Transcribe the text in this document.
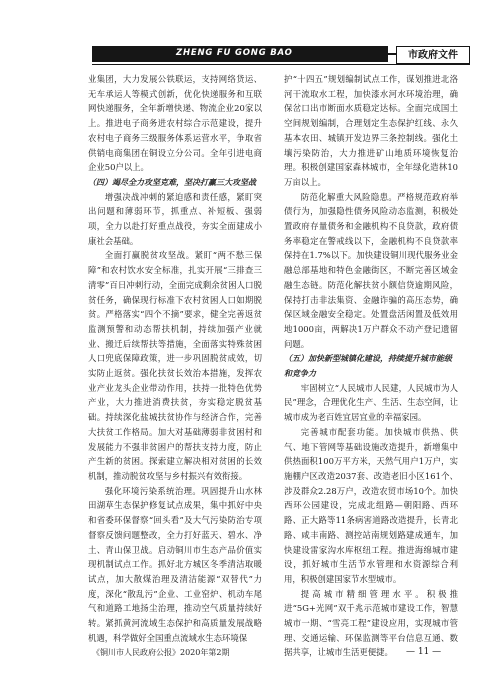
ZHENG FU GONG BAO	市政府文件

业集团，大力发展公铁联运，支持网络货运、无车承运人等模式创新，优化快递服务和互联网快递服务，全年新增快递、物流企业20家以上。推进电子商务进农村综合示范建设，提升农村电子商务三级服务体系运营水平，争取省供销电商集团在铜设立分公司。全年引进电商企业50户以上。

（四）竭尽全力攻坚克难，坚决打赢三大攻坚战

增强决战冲刺的紧迫感和责任感，紧盯突出问题和薄弱环节，抓重点、补短板、强弱项，全力以赴打好重点战役，夯实全面建成小康社会基础。

全面打赢脱贫攻坚战。紧盯“两不愁三保障”和农村饮水安全标准，扎实开展“三排查三清零”百日冲刺行动，全面完成剩余贫困人口脱贫任务，确保现行标准下农村贫困人口如期脱贫。严格落实“四个不摘”要求，健全完善返贫监测预警和动态帮扶机制，持续加强产业就业、搬迁后续帮扶等措施，全面落实特殊贫困人口兜底保障政策，进一步巩固脱贫成效，切实防止返贫。强化扶贫长效治本措施，发挥农业产业龙头企业带动作用，扶持一批特色优势产业，大力推进消费扶贫，夯实稳定脱贫基础。持续深化盐城扶贫协作与经济合作，完善大扶贫工作格局。加大对基础薄弱非贫困村和发展能力不强非贫困户的帮扶支持力度，防止产生新的贫困。探索建立解决相对贫困的长效机制，推动脱贫攻坚与乡村振兴有效衔接。

强化环境污染系统治理。巩固提升山水林田湖草生态保护修复试点成果，集中抓好中央和省委环保督察“回头看”及大气污染防治专项督察反馈问题整改，全力打好蓝天、碧水、净土、青山保卫战。启动铜川市生态产品价值实现机制试点工作。抓好北方城区冬季清洁取暖试点，加大散煤治理及清洁能源“双替代”力度，深化“散乱污”企业、工业窑炉、机动车尾气和道路工地扬尘治理，推动空气质量持续好转。紧抓黄河流域生态保护和高质量发展战略机遇，科学做好全国重点流域水生态环境保

护“十四五”规划编制试点工作，谋划推进北洛河干流取水工程，加快漆水河水环境治理，确保岔口出市断面水质稳定达标。全面完成国土空间规划编制，合理划定生态保护红线、永久基本农田、城镇开发边界三条控制线。强化土壤污染防治，大力推进矿山地质环境恢复治理。积极创建国家森林城市，全年绿化造林10万亩以上。

防范化解重大风险隐患。严格规范政府举债行为，加强隐性债务风险动态监测，积极处置政府存量债务和金融机构不良贷款，政府债务率稳定在警戒线以下，金融机构不良贷款率保持在1.7%以下。加快建设铜川现代服务业金融总部基地和特色金融街区，不断完善区域金融生态链。防范化解扶贫小额信贷逾期风险，保持打击非法集资、金融诈骗的高压态势，确保区域金融安全稳定。处置盘活闲置及低效用地1000亩，两解决1万户群众不动产登记遗留问题。

（五）加快新型城镇化建设，持续提升城市能级和竞争力

牢固树立“人民城市人民建，人民城市为人民”理念，合理优化生产、生活、生态空间，让城市成为老百姓宜居宜业的幸福家园。

完善城市配套功能。加快城市供热、供气、地下管网等基础设施改造提升，新增集中供热面积100万平方米，天然气用户1万户，实施棚户区改造2037套、改造老旧小区161个、涉及群众2.28万户，改造农贸市场10个。加快西环公园建设，完成北组路—朝阳路、西环路、正大路等11条病害道路改造提升，长青北路、咸丰南路、测控站南规划路建成通车，加快建设雷家沟水库枢纽工程。推进海绵城市建设，抓好城市生活节水管理和水资源综合利用，积极创建国家节水型城市。

提高城市精细管理水平。积极推进“5G+光网”双千兆示范城市建设工作，智慧城市一期、“雪亮工程”建设应用，实现城市管理、交通运输、环保监测等平台信息互通、数据共享，让城市生活更便捷。

《铜川市人民政府公报》2020年第2期	— 11 —
